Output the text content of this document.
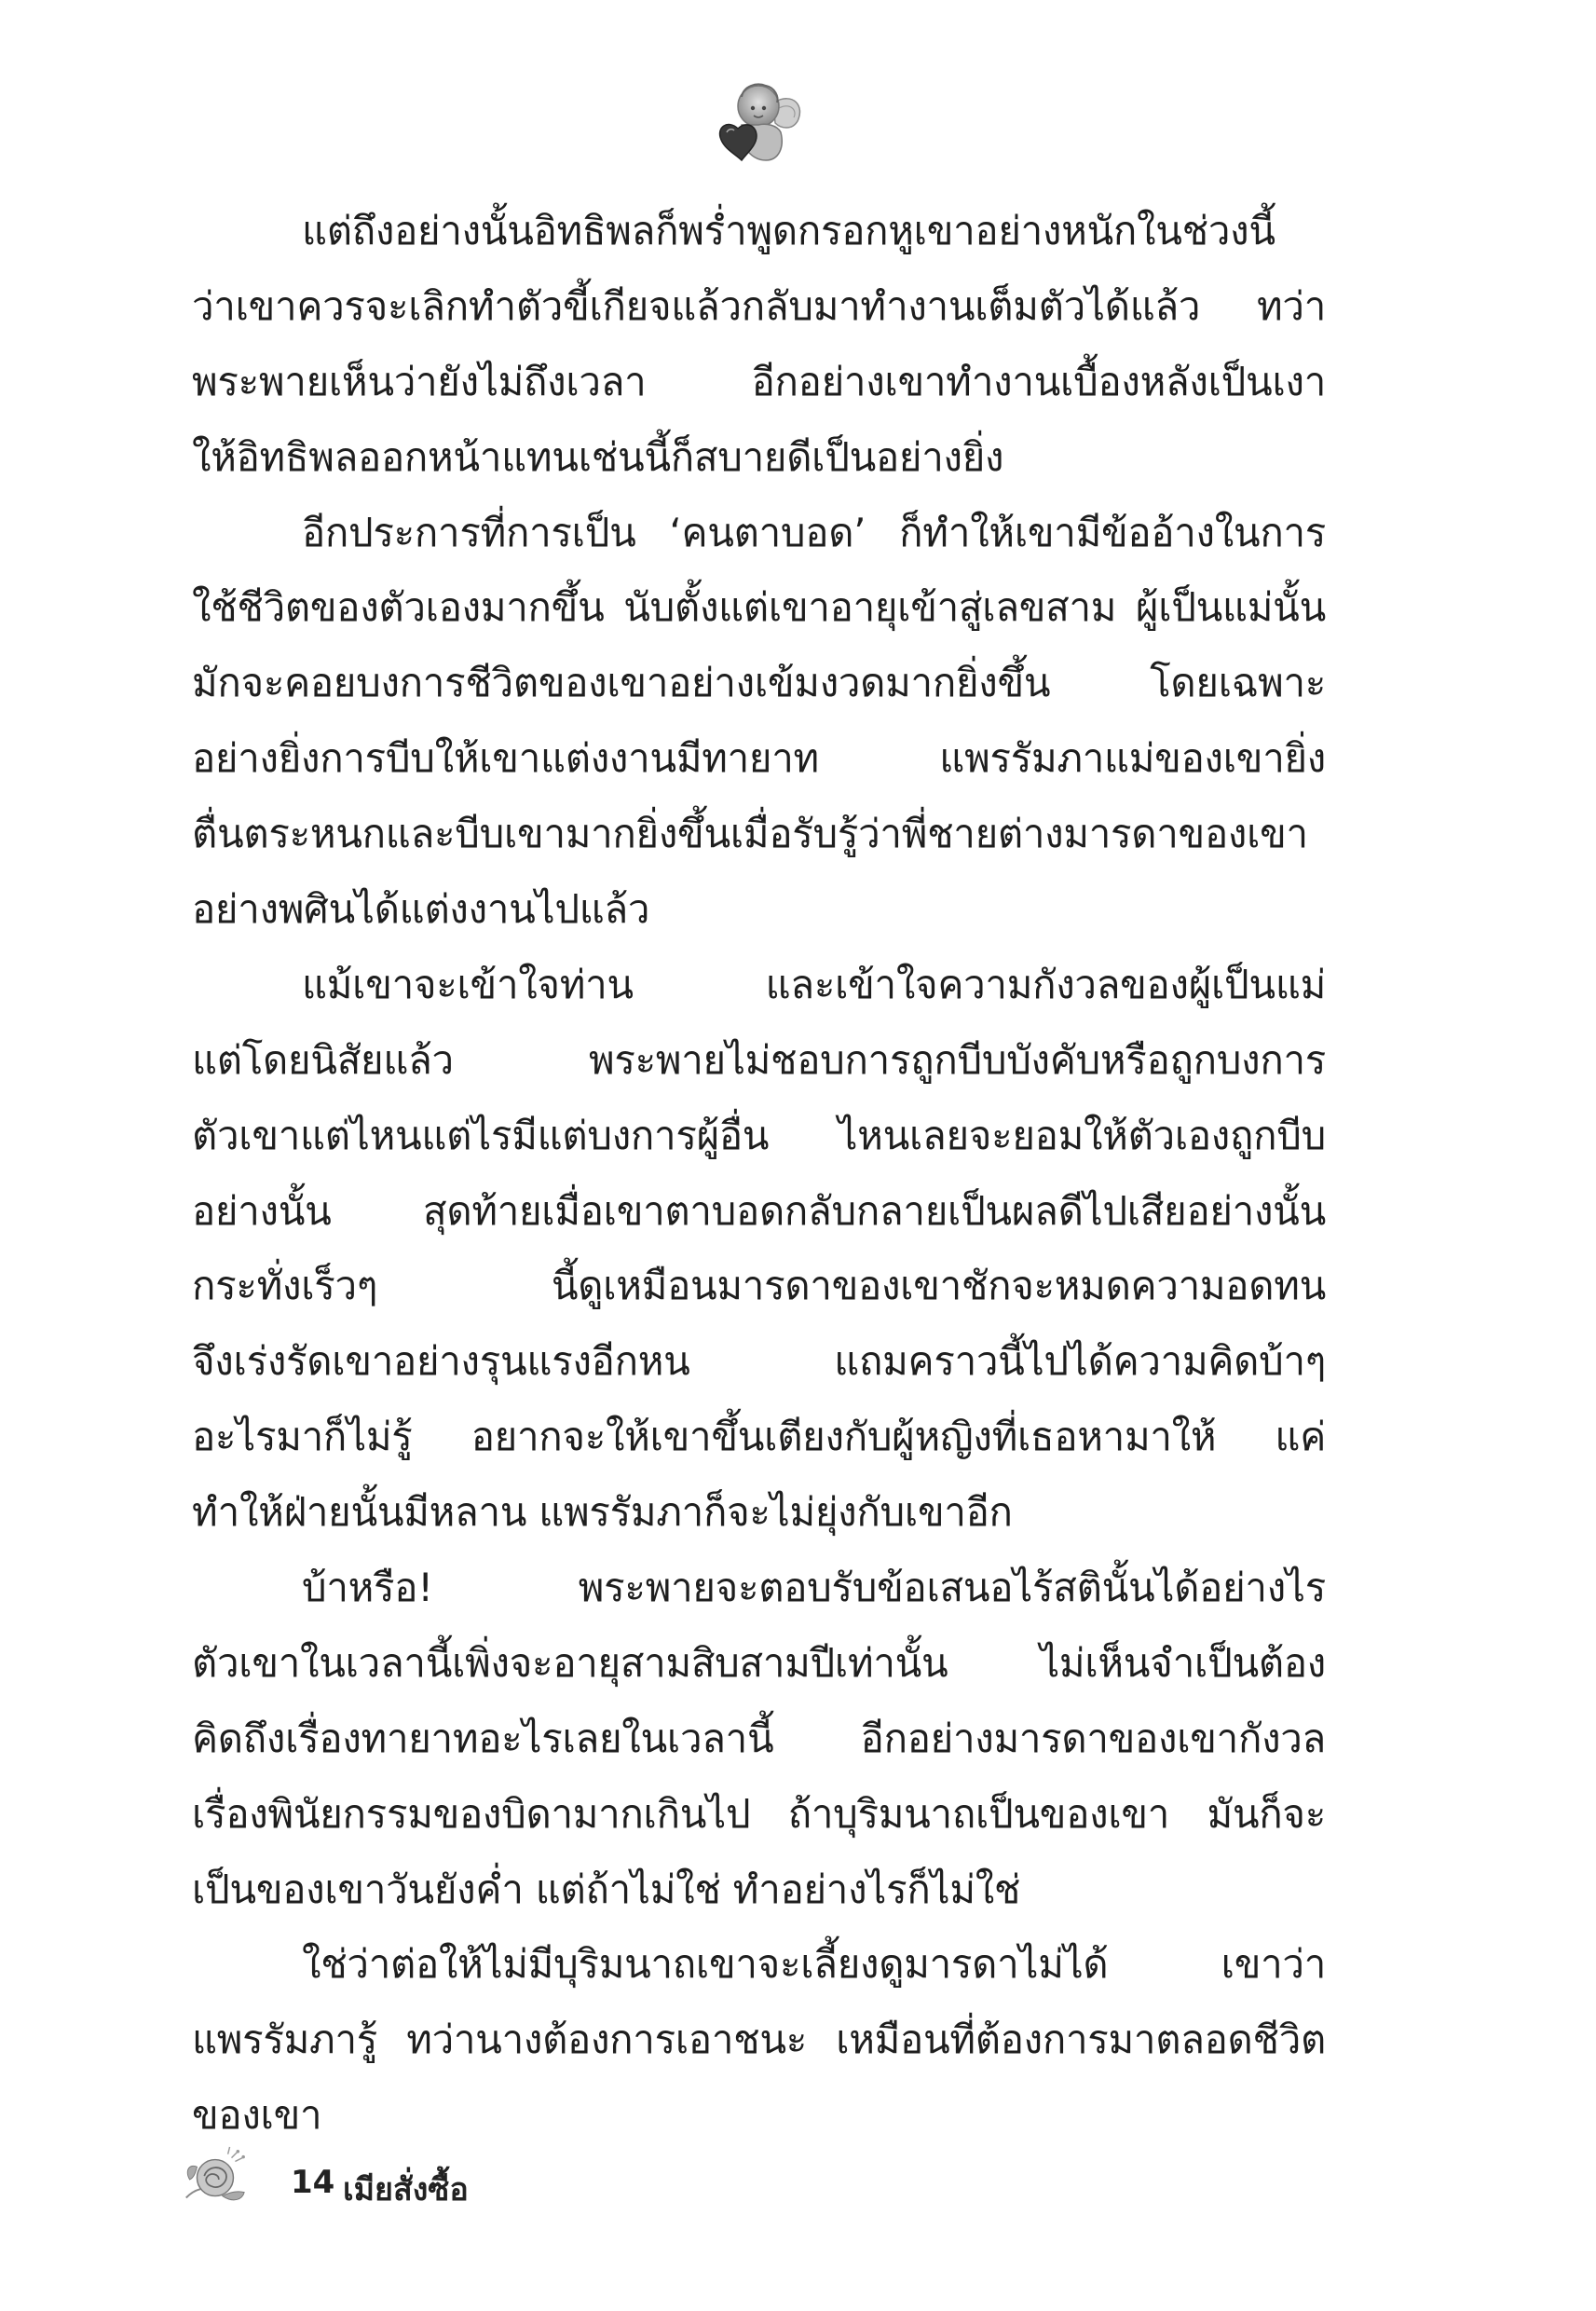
แต่ถึงอย่างนั้นอิทธิพลก็พร่ำพูดกรอกหูเขาอย่างหนักในช่วงนี้
ว่าเขาควรจะเลิกทำตัวขี้เกียจแล้วกลับมาทำงานเต็มตัวได้แล้ว ทว่า
พระพายเห็นว่ายังไม่ถึงเวลา อีกอย่างเขาทำงานเบื้องหลังเป็นเงา
ให้อิทธิพลออกหน้าแทนเช่นนี้ก็สบายดีเป็นอย่างยิ่ง
อีกประการที่การเป็น ‘คนตาบอด’ ก็ทำให้เขามีข้ออ้างในการ
ใช้ชีวิตของตัวเองมากขึ้น นับตั้งแต่เขาอายุเข้าสู่เลขสาม ผู้เป็นแม่นั้น
มักจะคอยบงการชีวิตของเขาอย่างเข้มงวดมากยิ่งขึ้น โดยเฉพาะ
อย่างยิ่งการบีบให้เขาแต่งงานมีทายาท แพรรัมภาแม่ของเขายิ่ง
ตื่นตระหนกและบีบเขามากยิ่งขึ้นเมื่อรับรู้ว่าพี่ชายต่างมารดาของเขา
อย่างพศินได้แต่งงานไปแล้ว
แม้เขาจะเข้าใจท่าน และเข้าใจความกังวลของผู้เป็นแม่
แต่โดยนิสัยแล้ว พระพายไม่ชอบการถูกบีบบังคับหรือถูกบงการ
ตัวเขาแต่ไหนแต่ไรมีแต่บงการผู้อื่น ไหนเลยจะยอมให้ตัวเองถูกบีบ
อย่างนั้น สุดท้ายเมื่อเขาตาบอดกลับกลายเป็นผลดีไปเสียอย่างนั้น
กระทั่งเร็วๆ นี้ดูเหมือนมารดาของเขาชักจะหมดความอดทน
จึงเร่งรัดเขาอย่างรุนแรงอีกหน แถมคราวนี้ไปได้ความคิดบ้าๆ
อะไรมาก็ไม่รู้ อยากจะให้เขาขึ้นเตียงกับผู้หญิงที่เธอหามาให้ แค่
ทำให้ฝ่ายนั้นมีหลาน แพรรัมภาก็จะไม่ยุ่งกับเขาอีก
บ้าหรือ! พระพายจะตอบรับข้อเสนอไร้สตินั้นได้อย่างไร
ตัวเขาในเวลานี้เพิ่งจะอายุสามสิบสามปีเท่านั้น ไม่เห็นจำเป็นต้อง
คิดถึงเรื่องทายาทอะไรเลยในเวลานี้ อีกอย่างมารดาของเขากังวล
เรื่องพินัยกรรมของบิดามากเกินไป ถ้าบุริมนาถเป็นของเขา มันก็จะ
เป็นของเขาวันยังค่ำ แต่ถ้าไม่ใช่ ทำอย่างไรก็ไม่ใช่
ใช่ว่าต่อให้ไม่มีบุริมนาถเขาจะเลี้ยงดูมารดาไม่ได้ เขาว่า
แพรรัมภารู้ ทว่านางต้องการเอาชนะ เหมือนที่ต้องการมาตลอดชีวิต
ของเขา
14 เมียสั่งซื้อ
